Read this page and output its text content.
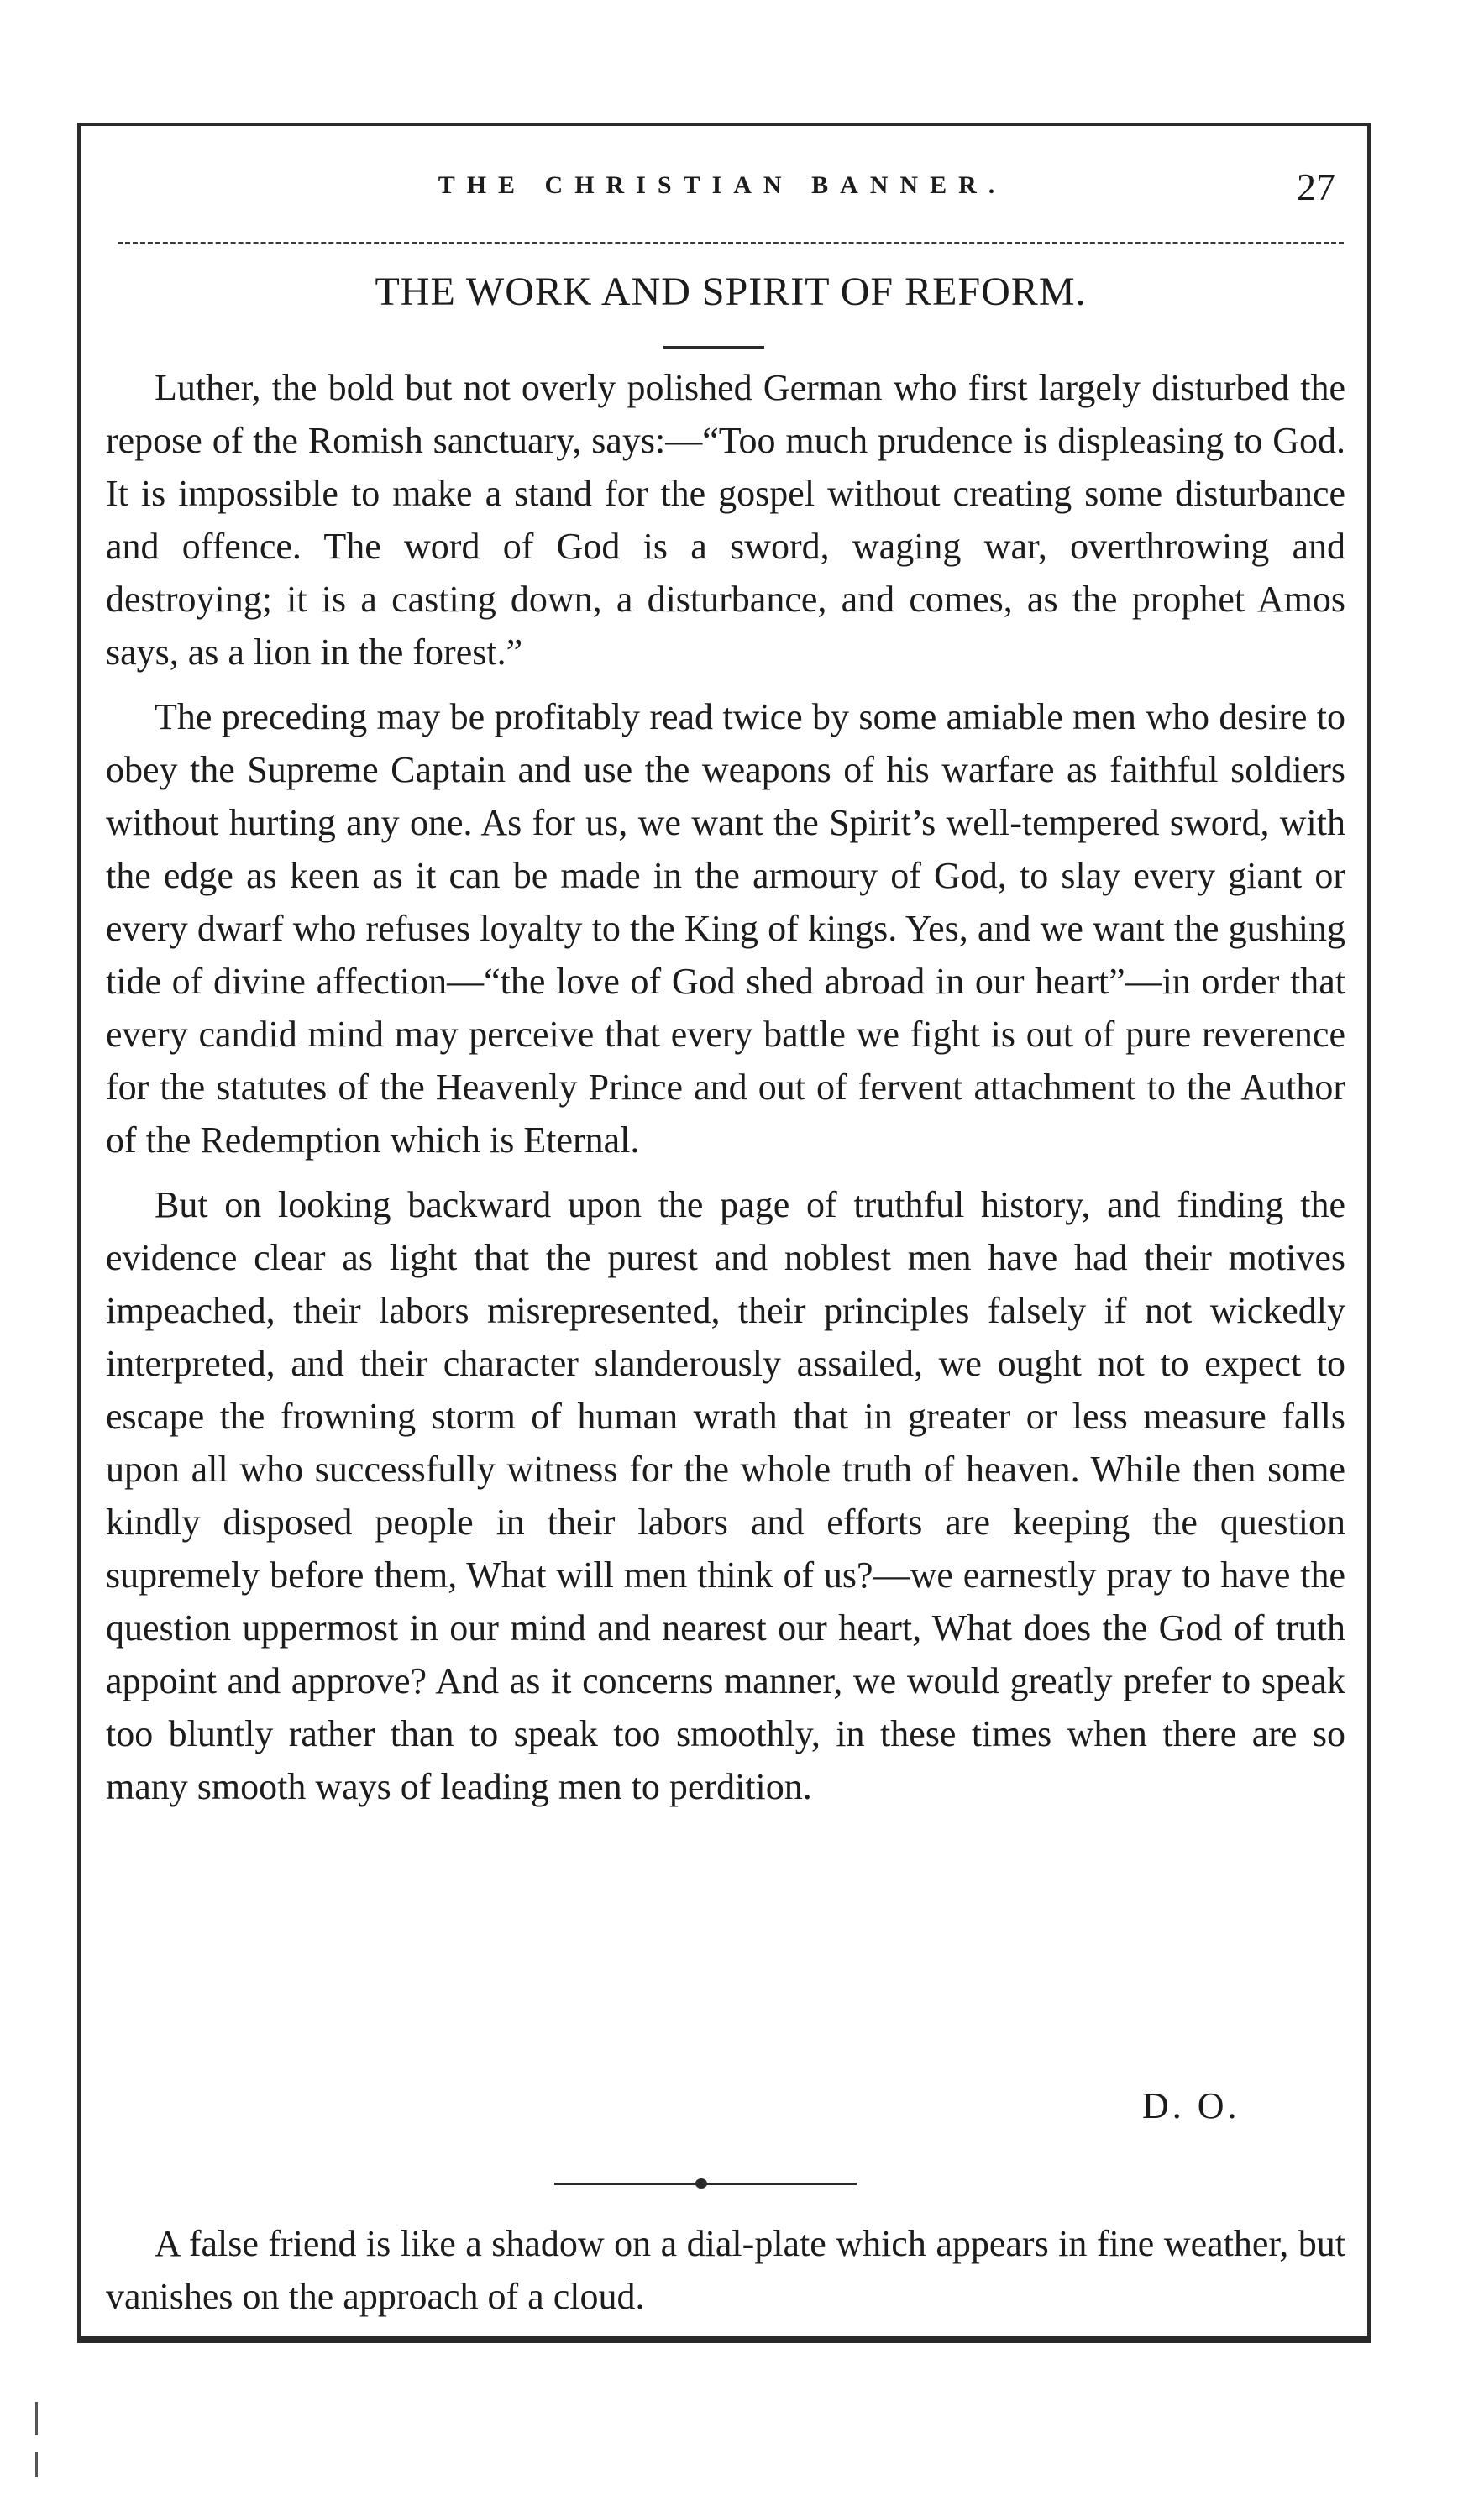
THE CHRISTIAN BANNER.	27
THE WORK AND SPIRIT OF REFORM.

Luther, the bold but not overly polished German who first largely disturbed the repose of the Romish sanctuary, says:—“Too much prudence is displeasing to God. It is impossible to make a stand for the gospel without creating some disturbance and offence. The word of God is a sword, waging war, overthrowing and destroying; it is a casting down, a disturbance, and comes, as the prophet Amos says, as a lion in the forest.”

The preceding may be profitably read twice by some amiable men who desire to obey the Supreme Captain and use the weapons of his warfare as faithful soldiers without hurting any one. As for us, we want the Spirit’s well-tempered sword, with the edge as keen as it can be made in the armoury of God, to slay every giant or every dwarf who refuses loyalty to the King of kings. Yes, and we want the gushing tide of divine affection—“the love of God shed abroad in our heart”—in order that every candid mind may perceive that every battle we fight is out of pure reverence for the statutes of the Heavenly Prince and out of fervent attachment to the Author of the Redemption which is Eternal.

But on looking backward upon the page of truthful history, and finding the evidence clear as light that the purest and noblest men have had their motives impeached, their labors misrepresented, their principles falsely if not wickedly interpreted, and their character slanderously assailed, we ought not to expect to escape the frowning storm of human wrath that in greater or less measure falls upon all who successfully witness for the whole truth of heaven. While then some kindly disposed people in their labors and efforts are keeping the question supremely before them, What will men think of us?—we earnestly pray to have the question uppermost in our mind and nearest our heart, What does the God of truth appoint and approve? And as it concerns manner, we would greatly prefer to speak too bluntly rather than to speak too smoothly, in these times when there are so many smooth ways of leading men to perdition.

D. O.

A false friend is like a shadow on a dial-plate which appears in fine weather, but vanishes on the approach of a cloud.
